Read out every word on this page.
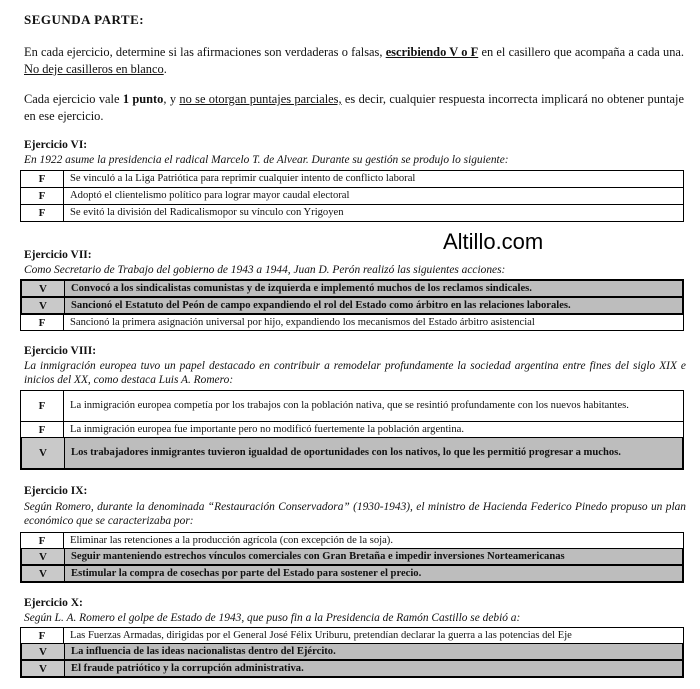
SEGUNDA PARTE:
En cada ejercicio, determine si las afirmaciones son verdaderas o falsas, escribiendo V o F en el casillero que acompaña a cada una. No deje casilleros en blanco.
Cada ejercicio vale 1 punto, y no se otorgan puntajes parciales, es decir, cualquier respuesta incorrecta implicará no obtener puntaje en ese ejercicio.
Altillo.com
Ejercicio VI:
En 1922 asume la presidencia el radical Marcelo T. de Alvear. Durante su gestión se produjo lo siguiente:
F	Se vinculó a la Liga Patriótica para reprimir cualquier intento de conflicto laboral
F	Adoptó el clientelismo político para lograr mayor caudal electoral
F	Se evitó la división del Radicalismopor su vínculo con Yrigoyen
Ejercicio VII:
Como Secretario de Trabajo del gobierno de 1943 a 1944, Juan D. Perón realizó las siguientes acciones:
V	Convocó a los sindicalistas comunistas y de izquierda e implementó muchos de los reclamos sindicales.
V	Sancionó el Estatuto del Peón de campo expandiendo el rol del Estado como árbitro en las relaciones laborales.
F	Sancionó la primera asignación universal por hijo, expandiendo los mecanismos del Estado árbitro asistencial
Ejercicio VIII:
La inmigración europea tuvo un papel destacado en contribuir a remodelar profundamente la sociedad argentina entre fines del siglo XIX e inicios del XX, como destaca Luis A. Romero:
F	La inmigración europea competía por los trabajos con la población nativa, que se resintió profundamente con los nuevos habitantes.
F	La inmigración europea fue importante pero no modificó fuertemente la población argentina.
V	Los trabajadores inmigrantes tuvieron igualdad de oportunidades con los nativos, lo que les permitió progresar a muchos.
Ejercicio IX:
Según Romero, durante la denominada “Restauración Conservadora” (1930-1943), el ministro de Hacienda Federico Pinedo propuso un plan económico que se caracterizaba por:
F	Eliminar las retenciones a la producción agrícola (con excepción de la soja).
V	Seguir manteniendo estrechos vínculos comerciales con Gran Bretaña e impedir inversiones Norteamericanas
V	Estimular la compra de cosechas por parte del Estado para sostener el precio.
Ejercicio X:
Según L. A. Romero el golpe de Estado de 1943, que puso fin a la Presidencia de Ramón Castillo se debió a:
F	Las Fuerzas Armadas, dirigidas por el General José Félix Uriburu, pretendían declarar la guerra a las potencias del Eje
V	La influencia de las ideas nacionalistas dentro del Ejército.
V	El fraude patriótico y la corrupción administrativa.
